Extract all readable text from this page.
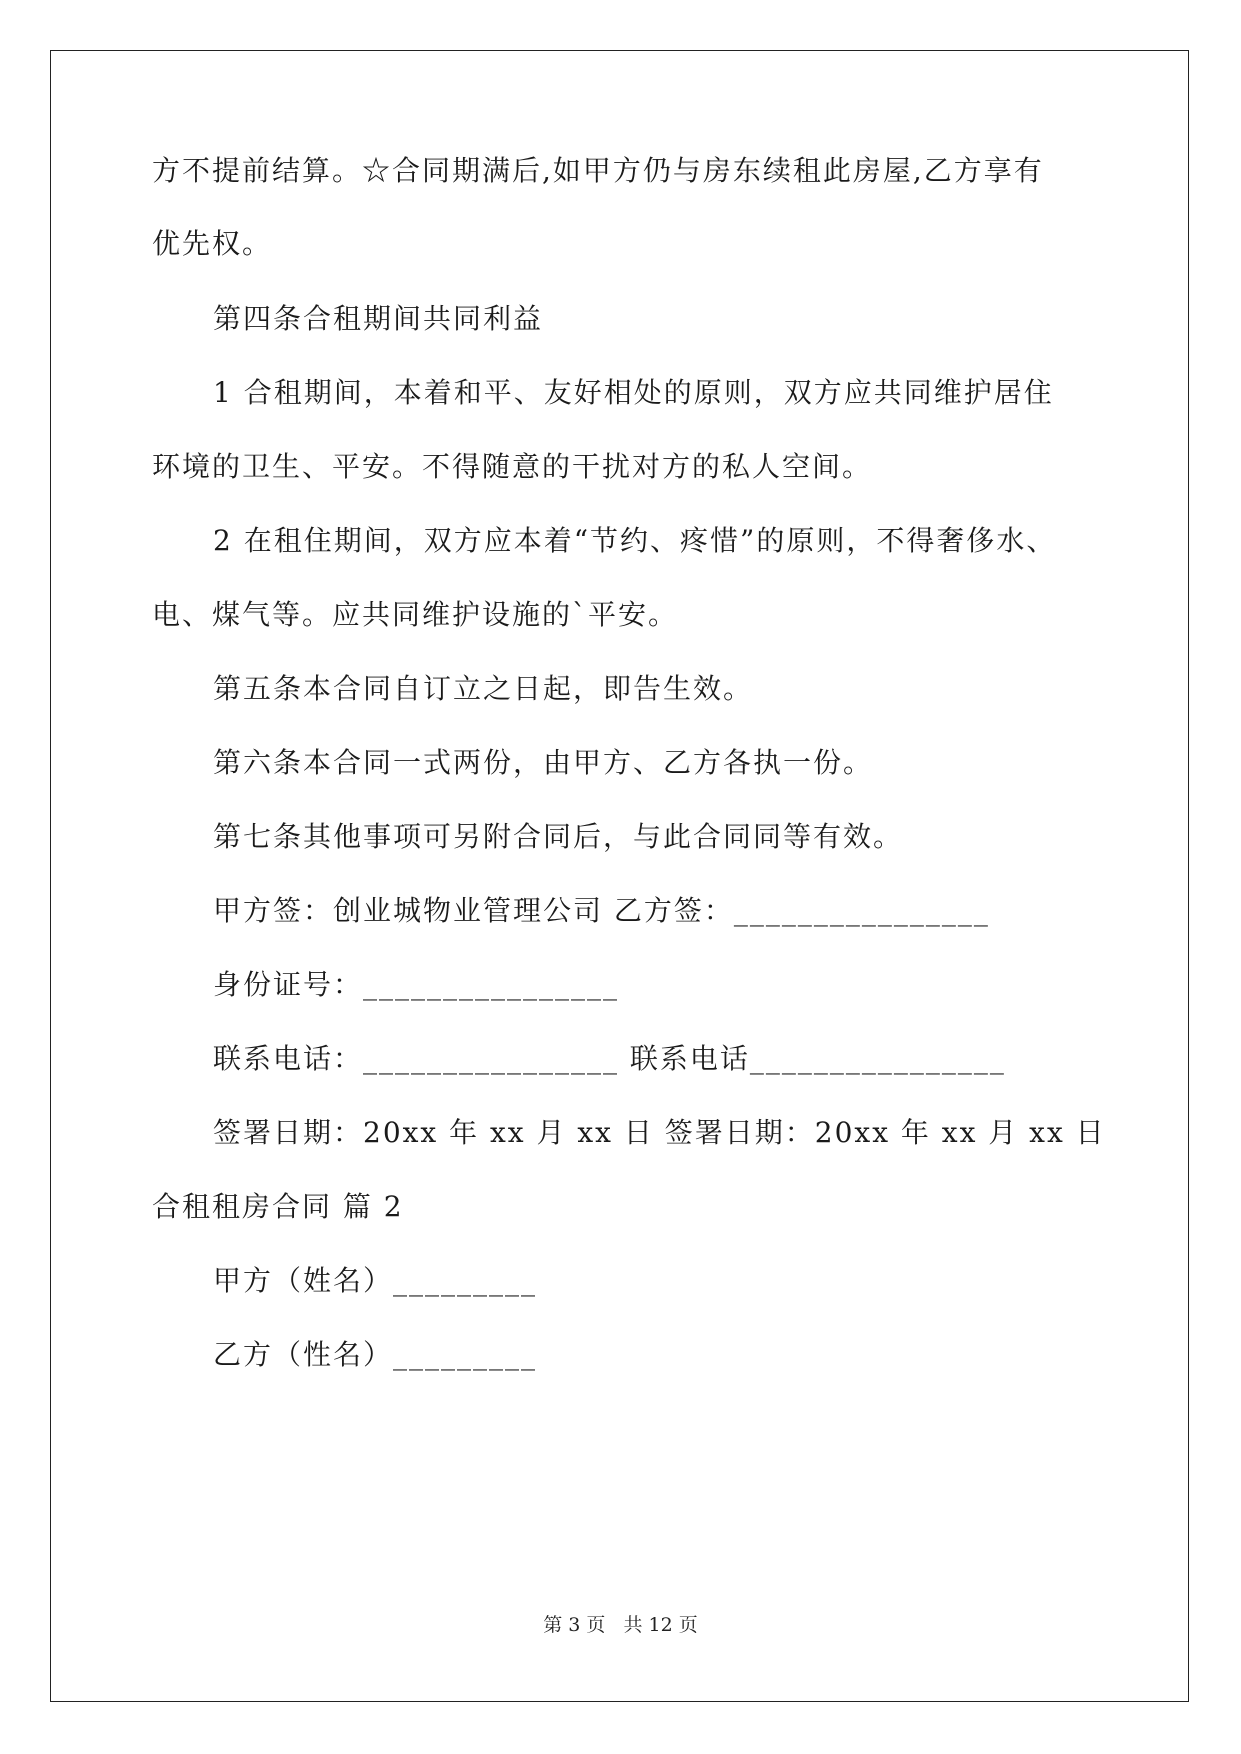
方不提前结算。☆合同期满后,如甲方仍与房东续租此房屋,乙方享有
优先权。
第四条合租期间共同利益
1 合租期间，本着和平、友好相处的原则，双方应共同维护居住
环境的卫生、平安。不得随意的干扰对方的私人空间。
2 在租住期间，双方应本着“节约、疼惜”的原则，不得奢侈水、
电、煤气等。应共同维护设施的`平安。
第五条本合同自订立之日起，即告生效。
第六条本合同一式两份，由甲方、乙方各执一份。
第七条其他事项可另附合同后，与此合同同等有效。
甲方签：创业城物业管理公司 乙方签：________________
身份证号：________________
联系电话：________________ 联系电话________________
签署日期：20xx 年 xx 月 xx 日 签署日期：20xx 年 xx 月 xx 日
合租租房合同 篇 2
甲方（姓名）_________
乙方（性名）_________
第 3 页   共 12 页
